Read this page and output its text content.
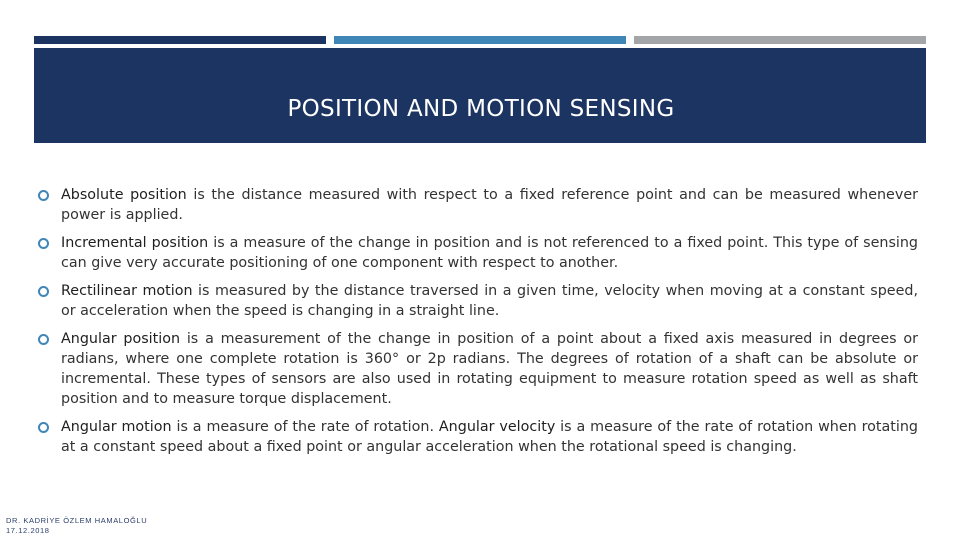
POSITION AND MOTION SENSING
Absolute position is the distance measured with respect to a fixed reference point and can be measured whenever power is applied.
Incremental position is a measure of the change in position and is not referenced to a fixed point. This type of sensing can give very accurate positioning of one component with respect to another.
Rectilinear motion is measured by the distance traversed in a given time, velocity when moving at a constant speed, or acceleration when the speed is changing in a straight line.
Angular position is a measurement of the change in position of a point about a fixed axis measured in degrees or radians, where one complete rotation is 360° or 2p radians. The degrees of rotation of a shaft can be absolute or incremental. These types of sensors are also used in rotating equipment to measure rotation speed as well as shaft position and to measure torque displacement.
Angular motion is a measure of the rate of rotation. Angular velocity is a measure of the rate of rotation when rotating at a constant speed about a fixed point or angular acceleration when the rotational speed is changing.
DR. KADRİYE ÖZLEM HAMALOĞLU
17.12.2018
